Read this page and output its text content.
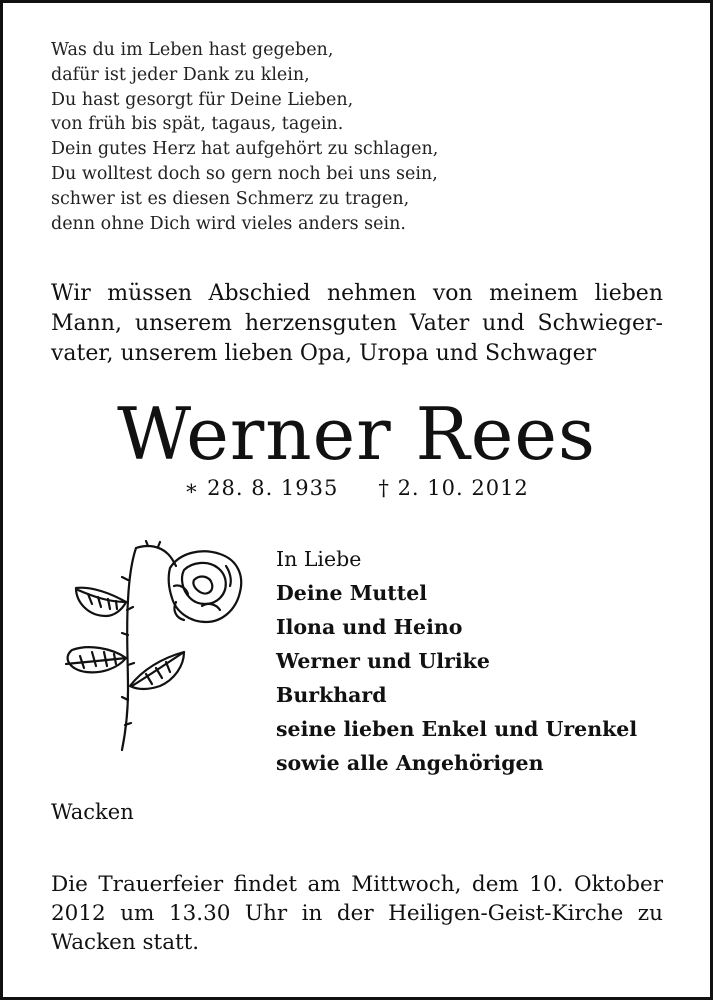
Was du im Leben hast gegeben,
dafür ist jeder Dank zu klein,
Du hast gesorgt für Deine Lieben,
von früh bis spät, tagaus, tagein.
Dein gutes Herz hat aufgehört zu schlagen,
Du wolltest doch so gern noch bei uns sein,
schwer ist es diesen Schmerz zu tragen,
denn ohne Dich wird vieles anders sein.
Wir müssen Abschied nehmen von meinem lieben
Mann, unserem herzensguten Vater und Schwieger-
vater, unserem lieben Opa, Uropa und Schwager
Werner Rees
∗ 28. 8. 1935 † 2. 10. 2012
In Liebe
Deine Muttel
Ilona und Heino
Werner und Ulrike
Burkhard
seine lieben Enkel und Urenkel
sowie alle Angehörigen
Wacken
Die Trauerfeier findet am Mittwoch, dem 10. Oktober
2012 um 13.30 Uhr in der Heiligen-Geist-Kirche zu
Wacken statt.
